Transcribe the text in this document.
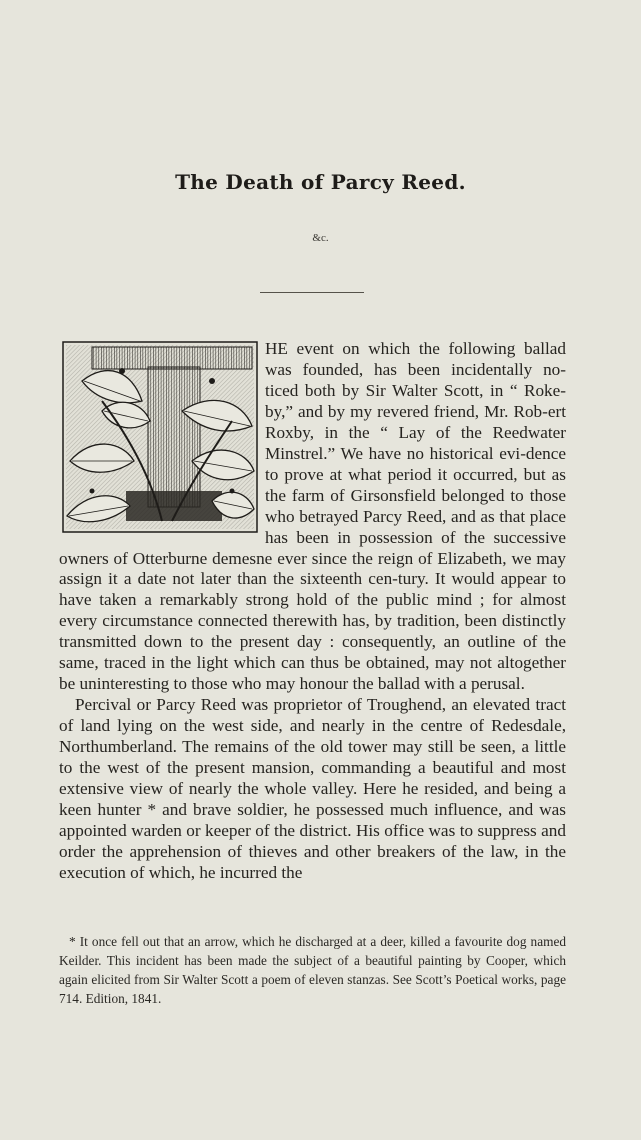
The Death of Parcy Reed.
&c.

HE event on which the following ballad was founded, has been incidentally no-ticed both by Sir Walter Scott, in “ Roke-by,” and by my revered friend, Mr. Rob-ert Roxby, in the “ Lay of the Reedwater Minstrel.” We have no historical evi-dence to prove at what period it occurred, but as the farm of Girsonsfield belonged to those who betrayed Parcy Reed, and as that place has been in possession of the successive owners of Otterburne demesne ever since the reign of Elizabeth, we may assign it a date not later than the sixteenth cen-tury. It would appear to have taken a remarkably strong hold of the public mind ; for almost every circumstance connected therewith has, by tradition, been distinctly transmitted down to the present day : consequently, an outline of the same, traced in the light which can thus be obtained, may not altogether be uninteresting to those who may honour the ballad with a perusal.

Percival or Parcy Reed was proprietor of Troughend, an elevated tract of land lying on the west side, and nearly in the centre of Redesdale, Northumberland. The remains of the old tower may still be seen, a little to the west of the present mansion, commanding a beautiful and most extensive view of nearly the whole valley. Here he resided, and being a keen hunter * and brave soldier, he possessed much influence, and was appointed warden or keeper of the district. His office was to suppress and order the apprehension of thieves and other breakers of the law, in the execution of which, he incurred the

* It once fell out that an arrow, which he discharged at a deer, killed a favourite dog named Keilder. This incident has been made the subject of a beautiful painting by Cooper, which again elicited from Sir Walter Scott a poem of eleven stanzas. See Scott’s Poetical works, page 714. Edition, 1841.
